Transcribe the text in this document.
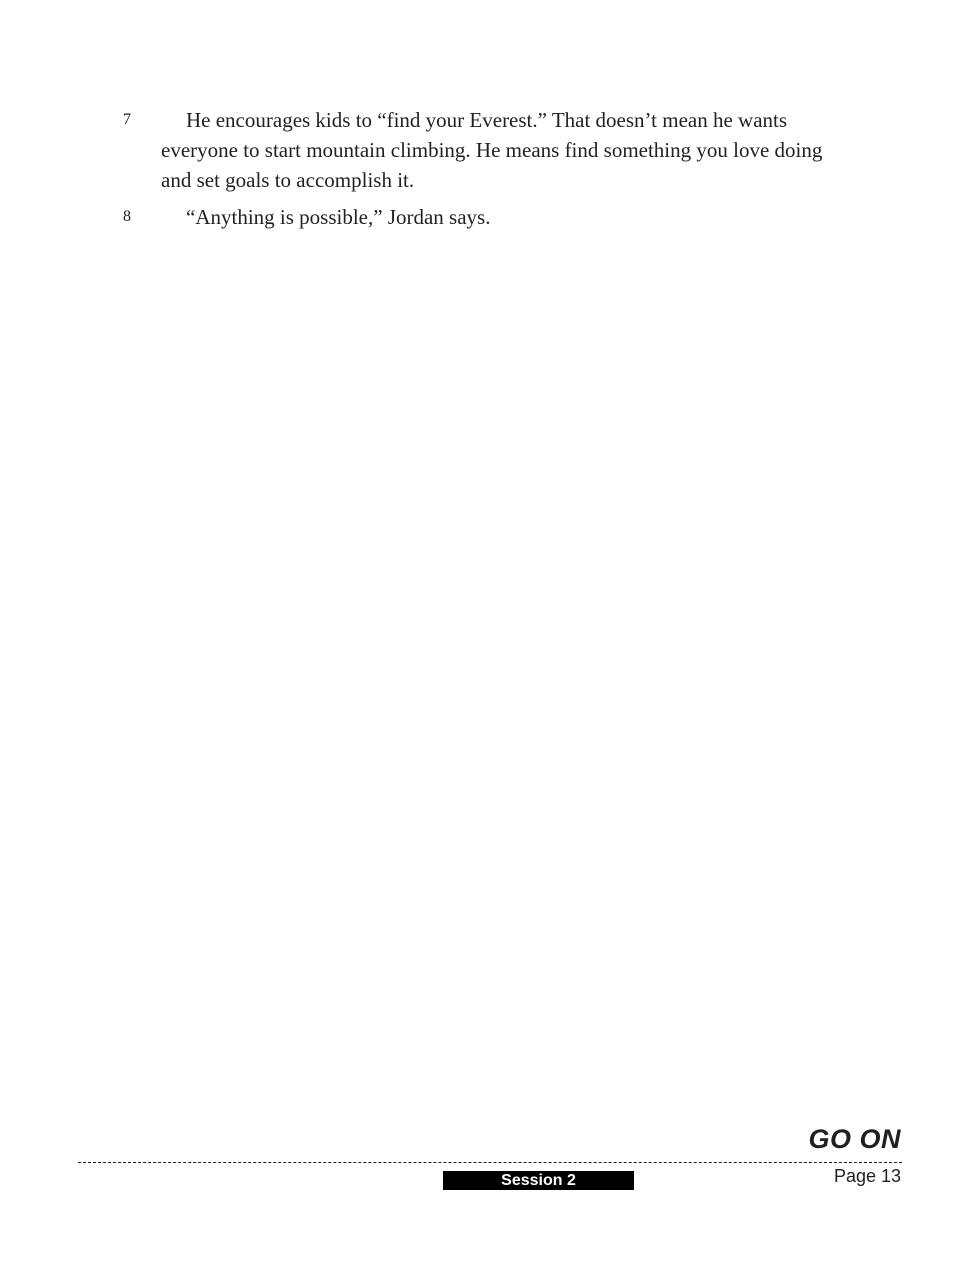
7	He encourages kids to “find your Everest.” That doesn’t mean he wants everyone to start mountain climbing. He means find something you love doing and set goals to accomplish it.

8	“Anything is possible,” Jordan says.

GO ON
Session 2	Page 13
